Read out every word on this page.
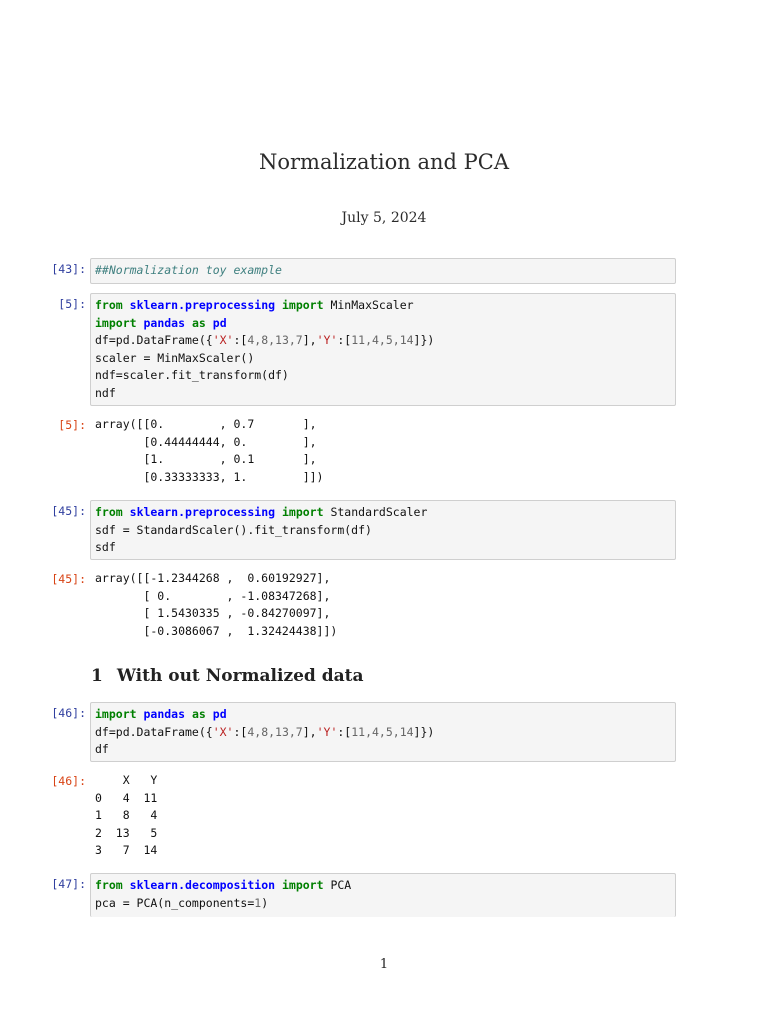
Normalization and PCA
July 5, 2024
[43]: ##Normalization toy example
[5]: from sklearn.preprocessing import MinMaxScaler
import pandas as pd
df=pd.DataFrame({'X':[4,8,13,7],'Y':[11,4,5,14]})
scaler = MinMaxScaler()
ndf=scaler.fit_transform(df)
ndf
[5]: array([[0.        , 0.7       ],
[0.44444444, 0.        ],
[1.        , 0.1       ],
[0.33333333, 1.        ]])
[45]: from sklearn.preprocessing import StandardScaler
sdf = StandardScaler().fit_transform(df)
sdf
[45]: array([[-1.2344268 ,  0.60192927],
[ 0.        , -1.08347268],
[ 1.5430335 , -0.84270097],
[-0.3086067 ,  1.32424438]])
1 With out Normalized data
[46]: import pandas as pd
df=pd.DataFrame({'X':[4,8,13,7],'Y':[11,4,5,14]})
df
[46]:	X   Y
0   4  11
1   8   4
2  13   5
3   7  14
[47]: from sklearn.decomposition import PCA
pca = PCA(n_components=1)
1
